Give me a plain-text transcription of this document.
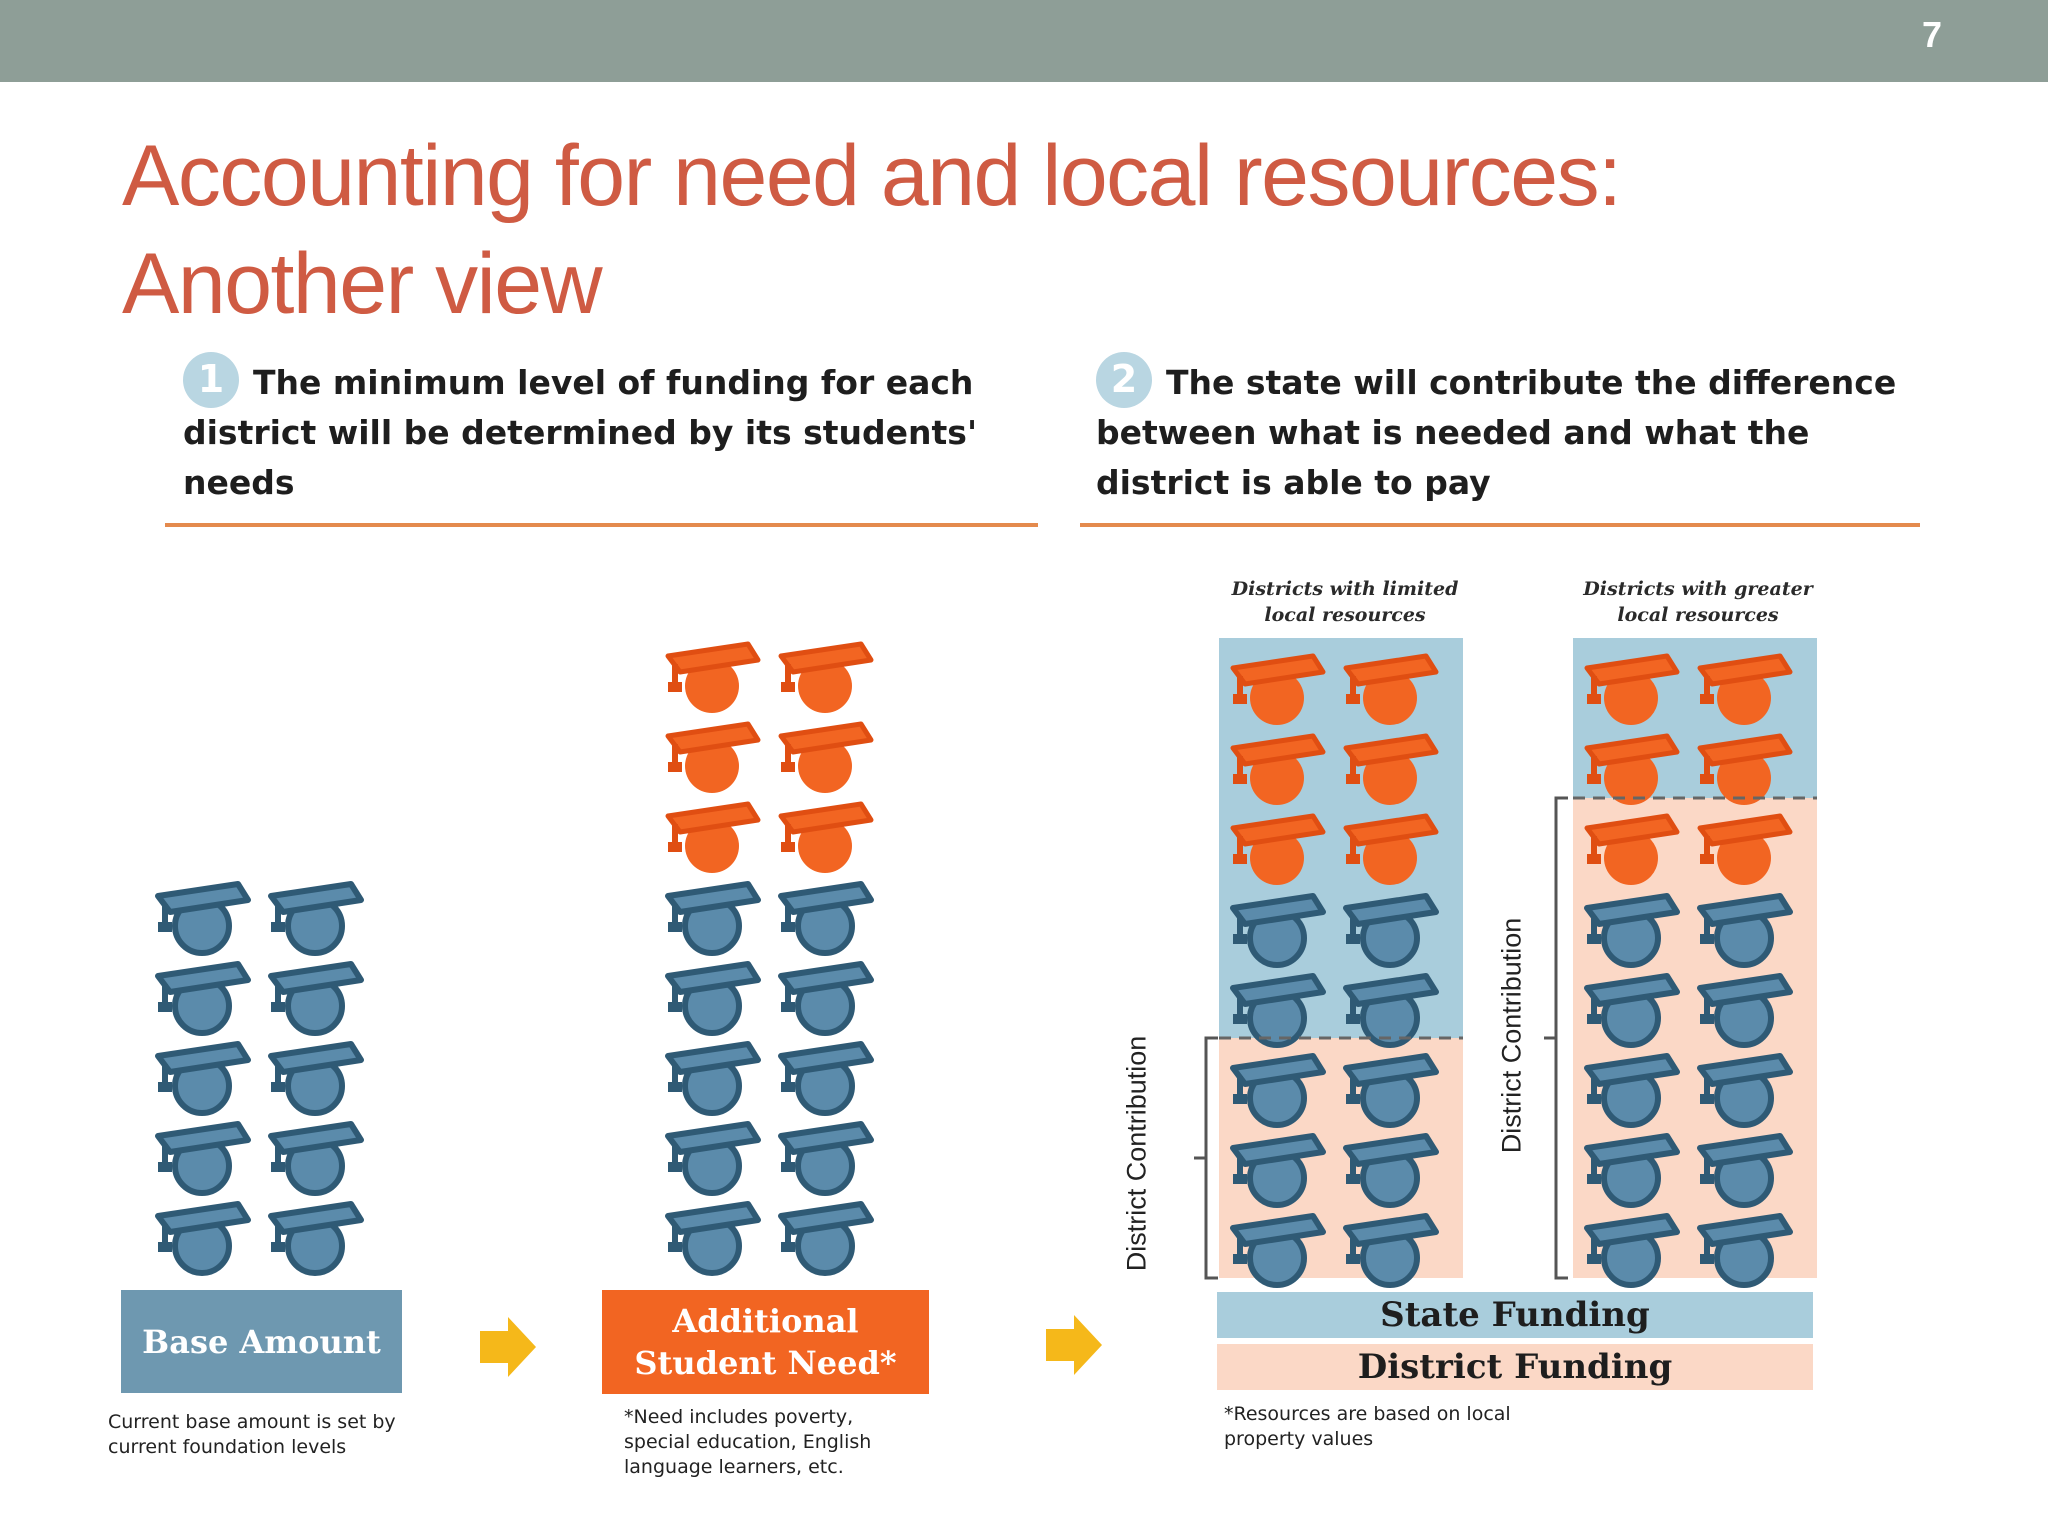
7
Accounting for need and local resources:
Another view
1 The minimum level of funding for each
district will be determined by its students'
needs
2 The state will contribute the difference
between what is needed and what the
district is able to pay
Districts with limited
local resources
Districts with greater
local resources
Base Amount
Current base amount is set by
current foundation levels
Additional
Student Need*
*Need includes poverty,
special education, English
language learners, etc.
District Contribution
District Contribution
State Funding
District Funding
*Resources are based on local
property values
